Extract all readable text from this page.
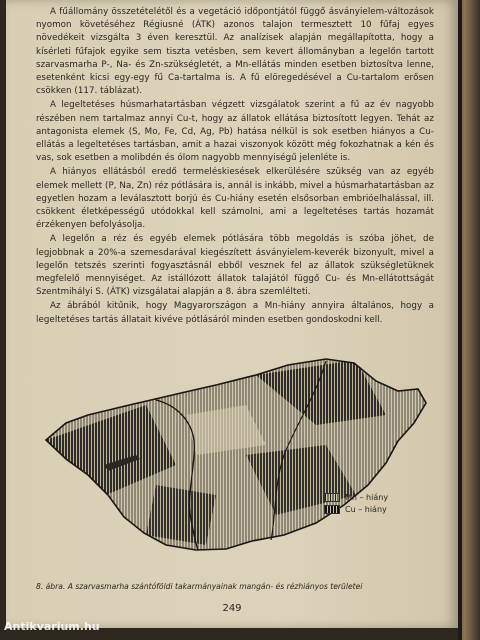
A fűállomány összetételétől és a vegetáció időpontjától függő ásványielem-változások nyomon követéséhez Régiusné (ÁTK) azonos talajon termesztett 10 fűfaj egyes növedékeit vizsgálta 3 éven keresztül. Az analízisek alapján megállapította, hogy a kísérleti fűfajok egyike sem tiszta vetésben, sem kevert állományban a legelőn tartott szarvasmarha P-, Na- és Zn-szükségletét, a Mn-ellátás minden esetben biztosítva lenne, esetenként kicsi egy-egy fű Ca-tartalma is. A fű elöregedésével a Cu-tartalom erősen csökken (117. táblázat).

A legeltetéses húsmarhatartásban végzett vizsgálatok szerint a fű az év nagyobb részében nem tartalmaz annyi Cu-t, hogy az állatok ellátása biztosított legyen. Tehát az antagonista elemek (S, Mo, Fe, Cd, Ag, Pb) hatása nélkül is sok esetben hiányos a Cu-ellátás a legeltetéses tartásban, amit a hazai viszonyok között még fokozhatnak a kén és vas, sok esetben a molibdén és ólom nagyobb mennyiségű jelenléte is.

A hiányos ellátásból eredő termeléskiesések elkerülésére szükség van az egyéb elemek mellett (P, Na, Zn) réz pótlására is, annál is inkább, mivel a húsmarhatartásban az egyetlen hozam a leválasztott borjú és Cu-hiány esetén elsősorban embrióelhalással, ill. csökkent életképességű utódokkal kell számolni, ami a legeltetéses tartás hozamát érzékenyen befolyásolja.

A legelőn a réz és egyéb elemek pótlására több megoldás is szóba jöhet, de legjobbnak a 20%-a szemesdarával kiegészített ásványielem-keverék bizonyult, mivel a legelőn tetszés szerinti fogyasztásnál ebből vesznek fel az állatok szükségletüknek megfelelő mennyiséget. Az istállózott állatok talajától függő Cu- és Mn-ellátottságát Szentmihályi S. (ÁTK) vizsgálatai alapján a 8. ábra szemlélteti.

Az ábrából kitűnik, hogy Magyarországon a Mn-hiány annyira általános, hogy a legeltetéses tartás állatait kivéve pótlásáról minden esetben gondoskodni kell.

Mn – hiány
Cu – hiány
8. ábra. A szarvasmarha szántóföldi takarmányainak mangán- és rézhiányos területei
249
Antikvarium.hu
